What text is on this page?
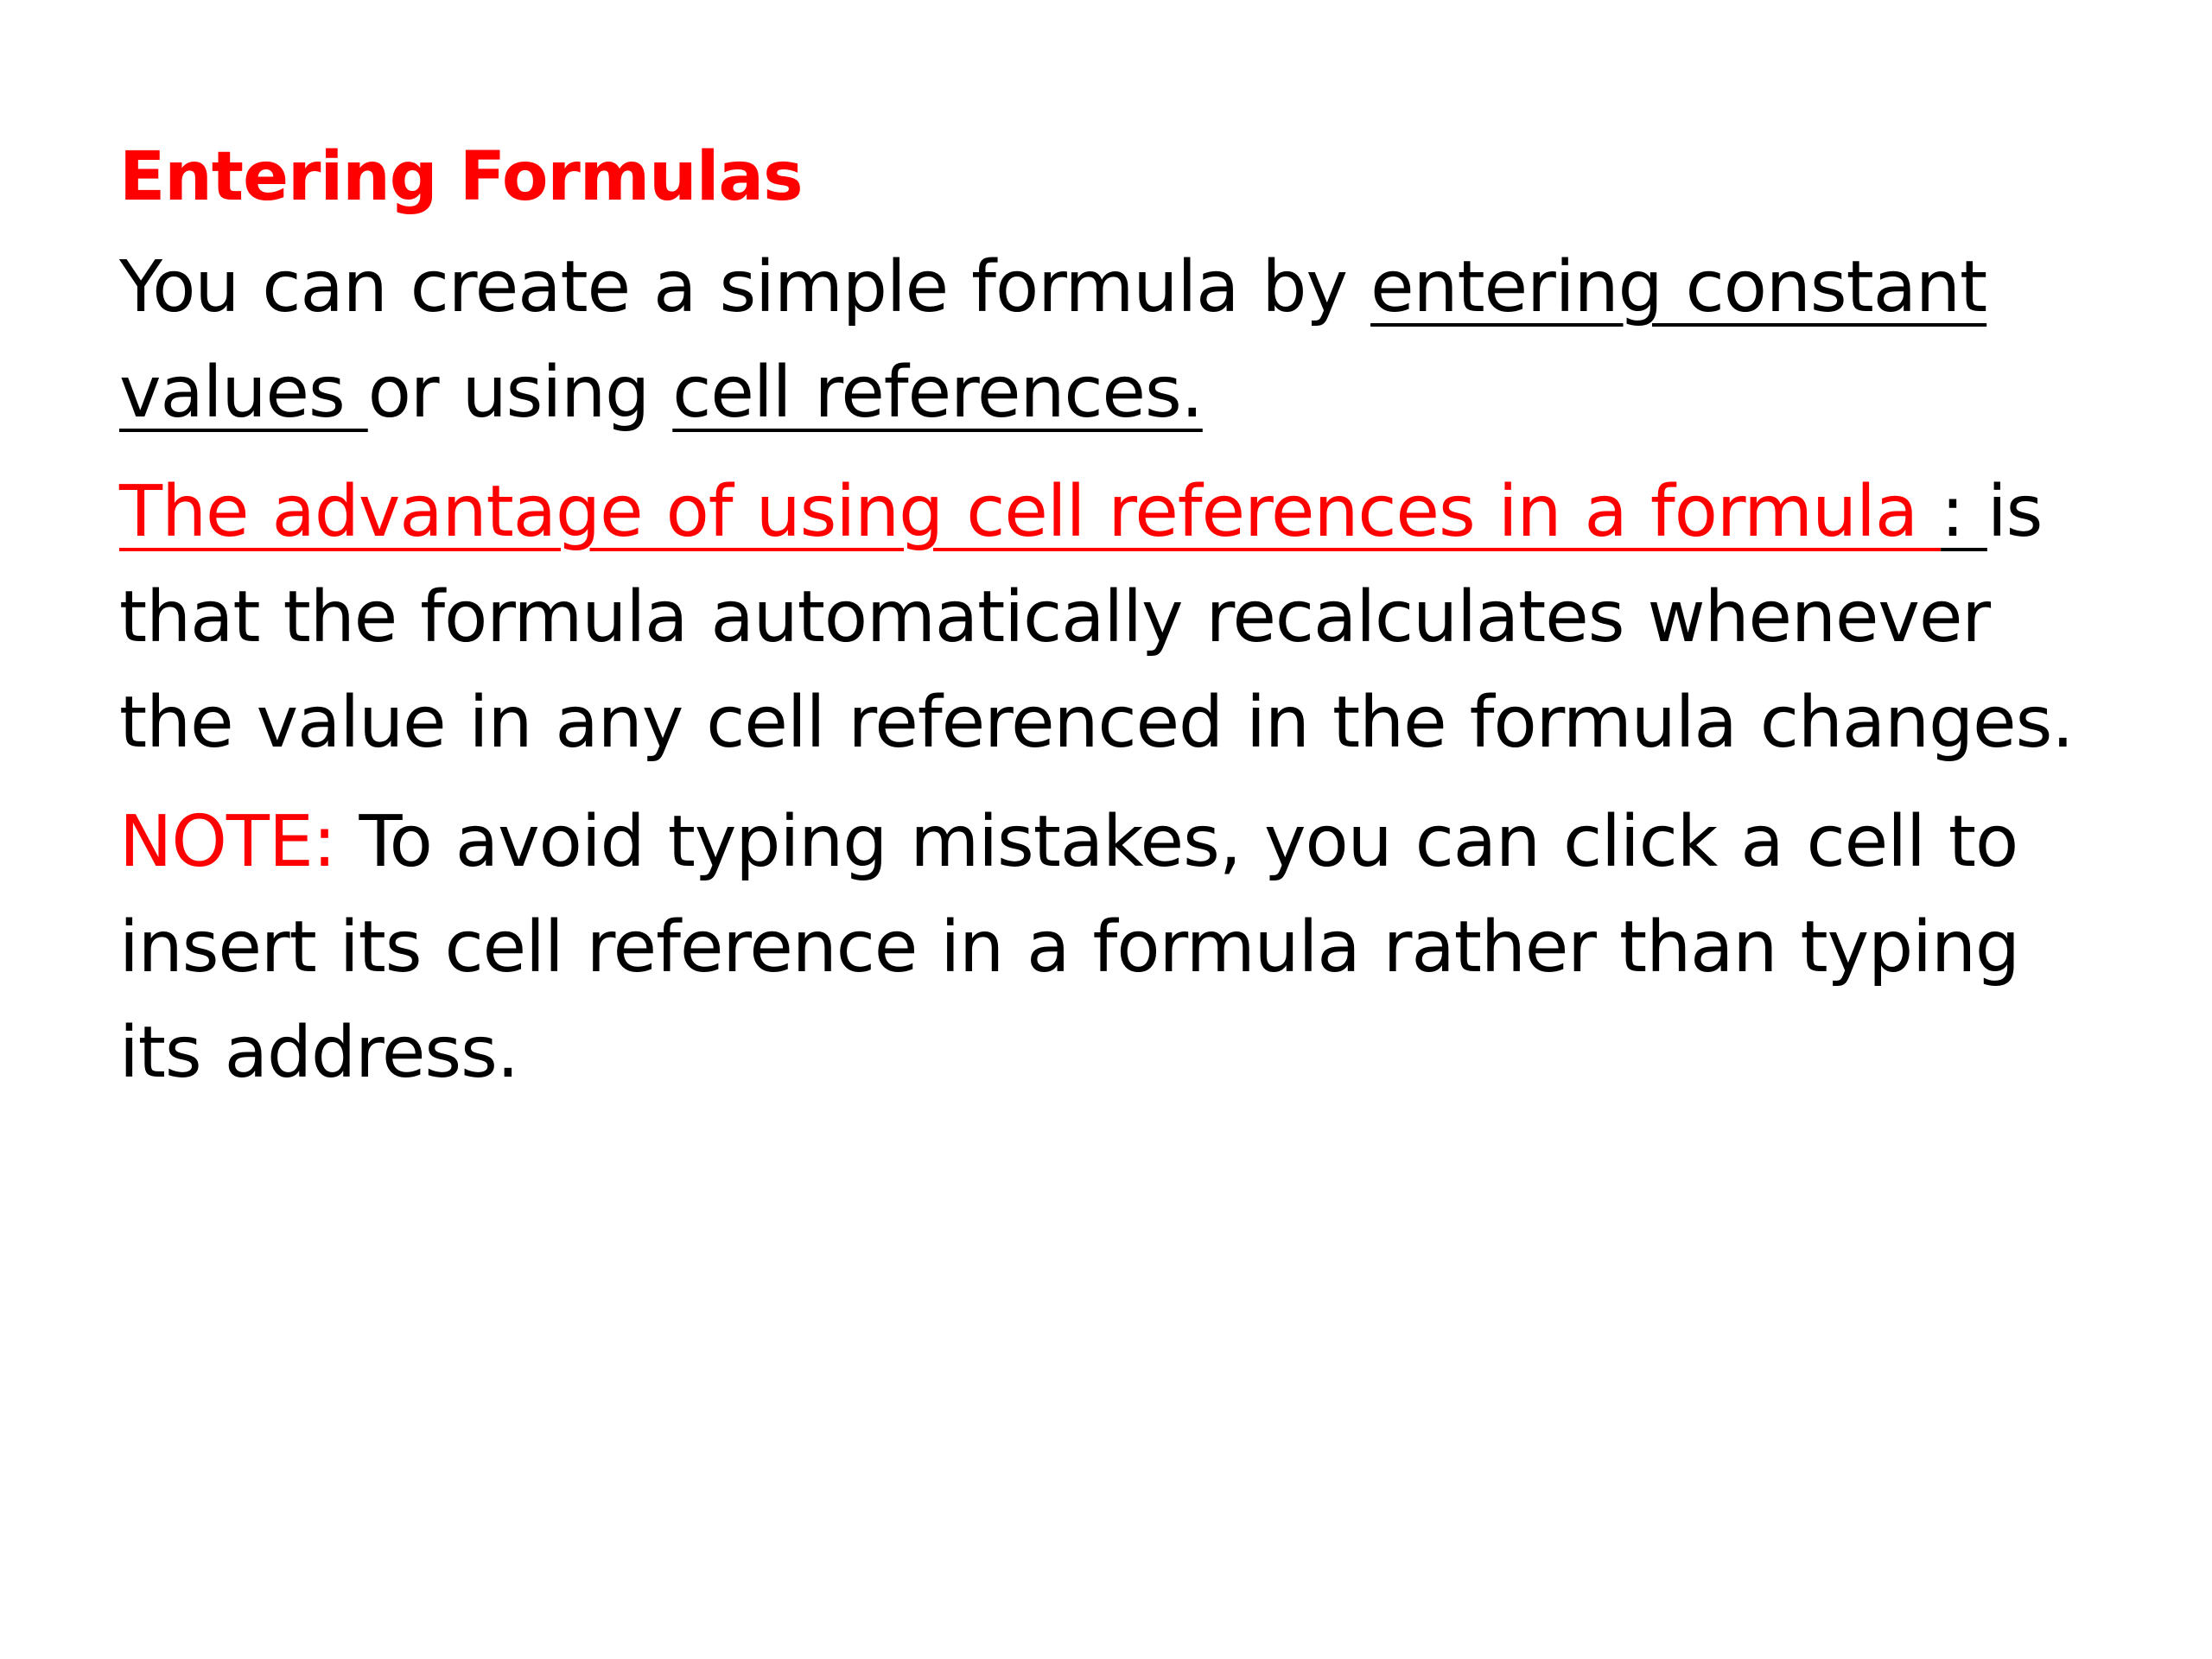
Entering Formulas

You can create a simple formula by entering constant values or using cell references.

The advantage of using cell references in a formula : is that the formula automatically recalculates whenever the value in any cell referenced in the formula changes.

NOTE: To avoid typing mistakes, you can click a cell to insert its cell reference in a formula rather than typing its address.
